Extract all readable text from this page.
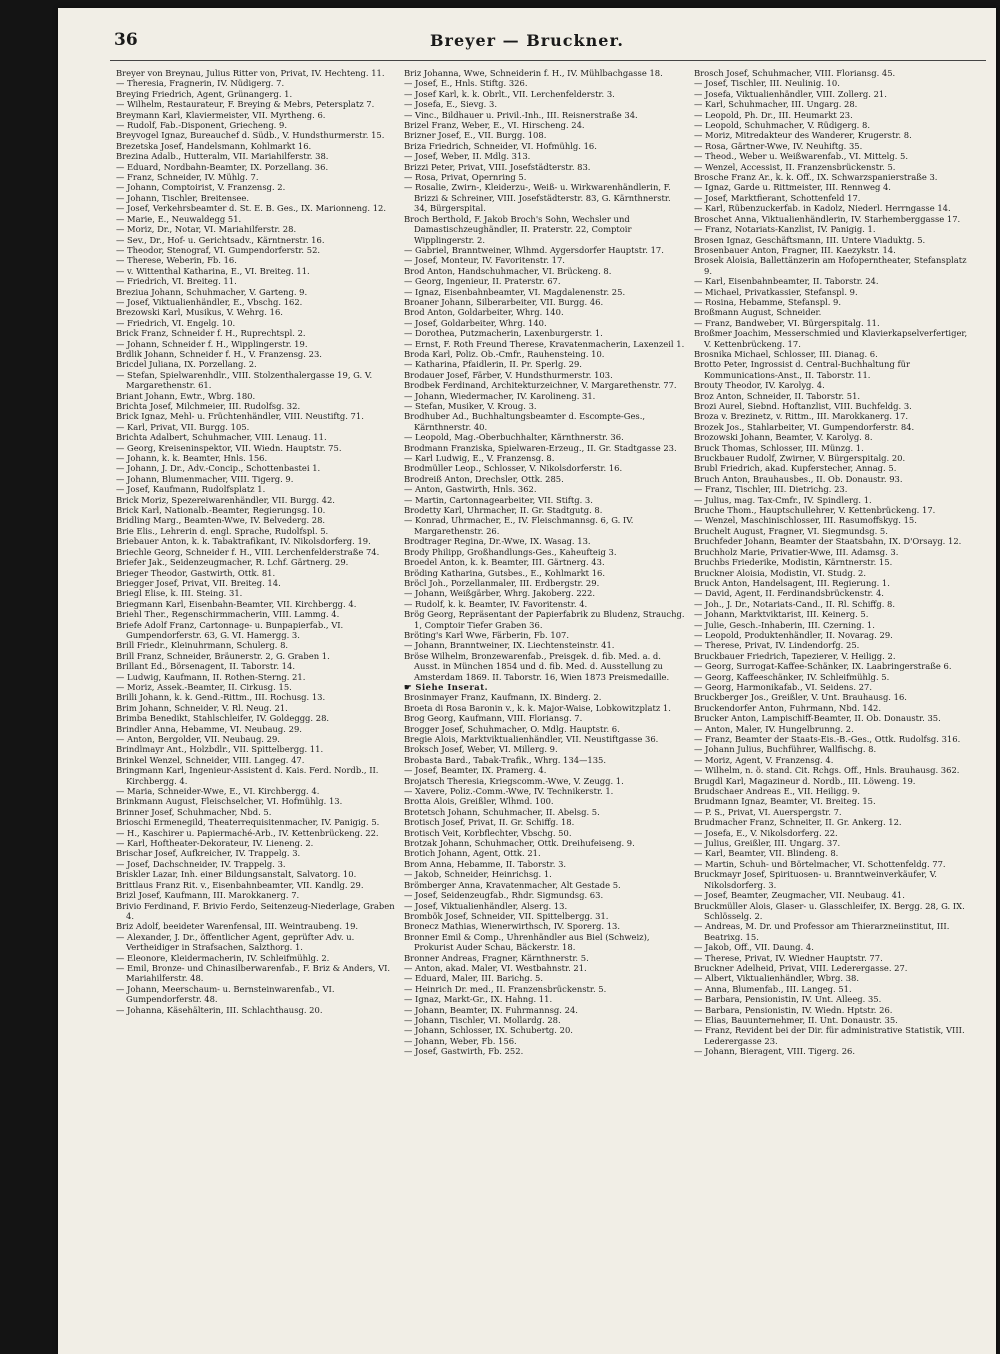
36	Breyer — Bruckner.

Breyer von Breynau, Julius Ritter von, Privat, IV. Hechteng. 11.

— Theresia, Fragnerin, IV. Nüdigerg. 7.

Breying Friedrich, Agent, Grünangerg. 1.

— Wilhelm, Restaurateur, F. Breying & Mebrs, Petersplatz 7.

Breymann Karl, Klaviermeister, VII. Myrtheng. 6.

— Rudolf, Fab.-Disponent, Griecheng. 9.

Breyvogel Ignaz, Bureauchef d. Südb., V. Hundsthurmerstr. 15.

Brezetska Josef, Handelsmann, Kohlmarkt 16.

Brezina Adalb., Hutteralm, VII. Mariahilferstr. 38.

— Eduard, Nordbahn-Beamter, IX. Porzellang. 36.

— Franz, Schneider, IV. Mühlg. 7.

— Johann, Comptoirist, V. Franzensg. 2.

— Johann, Tischler, Breitensee.

— Josef, Verkehrsbeamter d. St. E. B. Ges., IX. Marionneng. 12.

— Marie, E., Neuwaldegg 51.

— Moriz, Dr., Notar, VI. Mariahilferstr. 28.

— Sev., Dr., Hof- u. Gerichtsadv., Kärntnerstr. 16.

— Theodor, Stenograf, VI. Gumpendorferstr. 52.

— Therese, Weberin, Fb. 16.

— v. Wittenthal Katharina, E., VI. Breiteg. 11.

— Friedrich, VI. Breiteg. 11.

Breziua Johann, Schuhmacher, V. Garteng. 9.

— Josef, Viktualienhändler, E., Vbschg. 162.

Brezowski Karl, Musikus, V. Wehrg. 16.

— Friedrich, VI. Engelg. 10.

Brick Franz, Schneider f. H., Ruprechtspl. 2.

— Johann, Schneider f. H., Wipplingerstr. 19.

Brdlik Johann, Schneider f. H., V. Franzensg. 23.

Bricdel Juliana, IX. Porzellang. 2.

— Stefan, Spielwarenhdlr., VIII. Stolzenthalergasse 19, G. V. Margarethenstr. 61.

Briant Johann, Ewtr., Wbrg. 180.

Brichta Josef, Milchmeier, III. Rudolfsg. 32.

Brick Ignaz, Mehl- u. Früchtenhändler, VIII. Neustiftg. 71.

— Karl, Privat, VII. Burgg. 105.

Brichta Adalbert, Schuhmacher, VIII. Lenaug. 11.

— Georg, Kreiseninspektor, VII. Wiedn. Hauptstr. 75.

— Johann, k. k. Beamter, Hnls. 156.

— Johann, J. Dr., Adv.-Concip., Schottenbastei 1.

— Johann, Blumenmacher, VIII. Tigerg. 9.

— Josef, Kaufmann, Rudolfsplatz 1.

Brick Moriz, Spezereiwarenhändler, VII. Burgg. 42.

Brick Karl, Nationalb.-Beamter, Regierungsg. 10.

Bridling Marg., Beamten-Wwe, IV. Belvederg. 28.

Brie Elis., Lehrerin d. engl. Sprache, Rudolfspl. 5.

Briebauer Anton, k. k. Tabaktrafikant, IV. Nikolsdorferg. 19.

Briechle Georg, Schneider f. H., VIII. Lerchenfelderstraße 74.

Briefer Jak., Seidenzeugmacher, R. Lchf. Gärtnerg. 29.

Brieger Theodor, Gastwirth, Ottk. 81.

Briegger Josef, Privat, VII. Breiteg. 14.

Briegl Elise, k. III. Steing. 31.

Briegmann Karl, Eisenbahn-Beamter, VII. Kirchbergg. 4.

Briehl Ther., Regenschirmmacherin, VIII. Lammg. 4.

Briefe Adolf Franz, Cartonnage- u. Bunpapierfab., VI. Gumpendorferstr. 63, G. VI. Hamergg. 3.

Brill Friedr., Kleinuhrmann, Schulerg. 8.

Brill Franz, Schneider, Bräunerstr. 2, G. Graben 1.

Brillant Ed., Börsenagent, II. Taborstr. 14.

— Ludwig, Kaufmann, II. Rothen-Sterng. 21.

— Moriz, Assek.-Beamter, II. Cirkusg. 15.

Brilli Johann, k. k. Gend.-Rittm., III. Rochusg. 13.

Brim Johann, Schneider, V. Rl. Neug. 21.

Brimba Benedikt, Stahlschleifer, IV. Goldeggg. 28.

Brindler Anna, Hebamme, VI. Neubaug. 29.

— Anton, Bergolder, VII. Neubaug. 29.

Brindlmayr Ant., Holzbdlr., VII. Spittelbergg. 11.

Brinkel Wenzel, Schneider, VIII. Langeg. 47.

Bringmann Karl, Ingenieur-Assistent d. Kais. Ferd. Nordb., II. Kirchbergg. 4.

— Maria, Schneider-Wwe, E., VI. Kirchbergg. 4.

Brinkmann August, Fleischselcher, VI. Hofmühlg. 13.

Brinner Josef, Schuhmacher, Nbd. 5.

Brioschi Ermenegild, Theaterrequisitenmacher, IV. Panigig. 5.

— H., Kaschirer u. Papiermaché-Arb., IV. Kettenbrückeng. 22.

— Karl, Hoftheater-Dekorateur, IV. Lieneng. 2.

Brischar Josef, Aufkreicher, IV. Trappelg. 3.

— Josef, Dachschneider, IV. Trappelg. 3.

Briskler Lazar, Inh. einer Bildungsanstalt, Salvatorg. 10.

Brittlaus Franz Rit. v., Eisenbahnbeamter, VII. Kandlg. 29.

Brizl Josef, Kaufmann, III. Marokkanerg. 7.

Brivio Ferdinand, F. Brivio Ferdo, Seitenzeug-Niederlage, Graben 4.

Briz Adolf, beeideter Warenfensal, III. Weintraubeng. 19.

— Alexander, J. Dr., öffentlicher Agent, geprüfter Adv. u. Vertheidiger in Strafsachen, Salzthorg. 1.

— Eleonore, Kleidermacherin, IV. Schleifmühlg. 2.

— Emil, Bronze- und Chinasilberwarenfab., F. Briz & Anders, VI. Mariahilferstr. 48.

— Johann, Meerschaum- u. Bernsteinwarenfab., VI. Gumpendorferstr. 48.

— Johanna, Käsehälterin, III. Schlachthausg. 20.

Briz Johanna, Wwe, Schneiderin f. H., IV. Mühlbachgasse 18.

— Josef, E., Hnls. Stiftg. 326.

— Josef Karl, k. k. Obrlt., VII. Lerchenfelderstr. 3.

— Josefa, E., Sievg. 3.

— Vinc., Bildhauer u. Privil.-Inh., III. Reisnerstraße 34.

Brizel Franz, Weber, E., VI. Hirscheng. 24.

Brizner Josef, E., VII. Burgg. 108.

Briza Friedrich, Schneider, VI. Hofmühlg. 16.

— Josef, Weber, II. Mdlg. 313.

Brizzi Peter, Privat, VIII. Josefstädterstr. 83.

— Rosa, Privat, Opernring 5.

— Rosalie, Zwirn-, Kleiderzu-, Weiß- u. Wirkwarenhändlerin, F. Brizzi & Schreiner, VIII. Josefstädterstr. 83, G. Kärnthnerstr. 34, Bürgerspital.

Broch Berthold, F. Jakob Broch's Sohn, Wechsler und Damastischzeughändler, II. Praterstr. 22, Comptoir Wipplingerstr. 2.

— Gabriel, Branntweiner, Wlhmd. Aygersdorfer Hauptstr. 17.

— Josef, Monteur, IV. Favoritenstr. 17.

Brod Anton, Handschuhmacher, VI. Brückeng. 8.

— Georg, Ingenieur, II. Praterstr. 67.

— Ignaz, Eisenbahnbeamter, VI. Magdalenenstr. 25.

Broaner Johann, Silberarbeiter, VII. Burgg. 46.

Brod Anton, Goldarbeiter, Whrg. 140.

— Josef, Goldarbeiter, Whrg. 140.

— Dorothea, Putzmacherin, Laxenburgerstr. 1.

— Ernst, F. Roth Freund Therese, Kravatenmacherin, Laxenzeil 1.

Broda Karl, Poliz. Ob.-Cmfr., Rauhensteing. 10.

— Katharina, Pfaidlerin, II. Pr. Sperlg. 29.

Brodauer Josef, Färber, V. Hundsthurmerstr. 103.

Brodbek Ferdinand, Architekturzeichner, V. Margarethenstr. 77.

— Johann, Wiedermacher, IV. Karolineng. 31.

— Stefan, Musiker, V. Kroug. 3.

Brodhuber Ad., Buchhaltungsbeamter d. Escompte-Ges., Kärnthnerstr. 40.

— Leopold, Mag.-Oberbuchhalter, Kärnthnerstr. 36.

Brodmann Franziska, Spielwaren-Erzeug., II. Gr. Stadtgasse 23.

— Karl Ludwig, E., V. Franzensg. 8.

Brodmüller Leop., Schlosser, V. Nikolsdorferstr. 16.

Brodreiß Anton, Drechsler, Ottk. 285.

— Anton, Gastwirth, Hnls. 362.

— Martin, Cartonnagearbeiter, VII. Stiftg. 3.

Brodetty Karl, Uhrmacher, II. Gr. Stadtgutg. 8.

— Konrad, Uhrmacher, E., IV. Fleischmannsg. 6, G. IV. Margarethenstr. 26.

Brodtrager Regina, Dr.-Wwe, IX. Wasag. 13.

Brody Philipp, Großhandlungs-Ges., Kaheufteig 3.

Broedel Anton, k. k. Beamter, III. Gärtnerg. 43.

Bröding Katharina, Gutsbes., E., Kohlmarkt 16.

Bröcl Joh., Porzellanmaler, III. Erdbergstr. 29.

— Johann, Weißgärber, Whrg. Jakoberg. 222.

— Rudolf, k. k. Beamter, IV. Favoritenstr. 4.

Brög Georg, Repräsentant der Papierfabrik zu Bludenz, Strauchg. 1, Comptoir Tiefer Graben 36.

Bröting's Karl Wwe, Färberin, Fb. 107.

— Johann, Branntweiner, IX. Liechtensteinstr. 41.

Bröse Wilhelm, Bronzewarenfab., Preisgek. d. fib. Med. a. d. Ausst. in München 1854 und d. fib. Med. d. Ausstellung zu Amsterdam 1869. II. Taborstr. 16, Wien 1873 Preismedaille.

☛ Siehe Inserat.

Brosinmayer Franz, Kaufmann, IX. Binderg. 2.

Broeta di Rosa Baronin v., k. k. Major-Waise, Lobkowitzplatz 1.

Brog Georg, Kaufmann, VIII. Floriansg. 7.

Brogger Josef, Schuhmacher, O. Mdlg. Hauptstr. 6.

Bregie Alois, Marktviktualienhändler, VII. Neustiftgasse 36.

Broksch Josef, Weber, VI. Millerg. 9.

Brobasta Bard., Tabak-Trafik., Whrg. 134—135.

— Josef, Beamter, IX. Pramerg. 4.

Brojatsch Theresia, Kriegscomm.-Wwe, V. Zeugg. 1.

— Xavere, Poliz.-Comm.-Wwe, IV. Technikerstr. 1.

Brotta Alois, Greißler, Wlhmd. 100.

Brotetsch Johann, Schuhmacher, II. Abelsg. 5.

Brotisch Josef, Privat, II. Gr. Schiffg. 18.

Brotisch Veit, Korbflechter, Vbschg. 50.

Brotzak Johann, Schuhmacher, Ottk. Dreihufeiseng. 9.

Brotich Johann, Agent, Ottk. 21.

Brom Anna, Hebamme, II. Taborstr. 3.

— Jakob, Schneider, Heinrichsg. 1.

Brömberger Anna, Kravatenmacher, Alt Gestade 5.

— Josef, Seidenzeugfab., Rhdr. Sigmundsg. 63.

— Josef, Viktualienhändler, Alserg. 13.

Brombök Josef, Schneider, VII. Spittelbergg. 31.

Bronecz Mathias, Wienerwirthsch, IV. Sporerg. 13.

Bronner Emil & Comp., Uhrenhändler aus Biel (Schweiz), Prokurist Auder Schau, Bäckerstr. 18.

Bronner Andreas, Fragner, Kärnthnerstr. 5.

— Anton, akad. Maler, VI. Westbahnstr. 21.

— Eduard, Maler, III. Barichg. 5.

— Heinrich Dr. med., II. Franzensbrückenstr. 5.

— Ignaz, Markt-Gr., IX. Hahng. 11.

— Johann, Beamter, IX. Fuhrmannsg. 24.

— Johann, Tischler, VI. Mollardg. 28.

— Johann, Schlosser, IX. Schubertg. 20.

— Johann, Weber, Fb. 156.

— Josef, Gastwirth, Fb. 252.

Brosch Josef, Schuhmacher, VIII. Floriansg. 45.

— Josef, Tischler, III. Neulinig. 10.

— Josefa, Viktualienhändler, VIII. Zollerg. 21.

— Karl, Schuhmacher, III. Ungarg. 28.

— Leopold, Ph. Dr., III. Heumarkt 23.

— Leopold, Schuhmacher, V. Rüdigerg. 8.

— Moriz, Mitredakteur des Wanderer, Krugerstr. 8.

— Rosa, Gärtner-Wwe, IV. Neuhiftg. 35.

— Theod., Weber u. Weißwarenfab., VI. Mittelg. 5.

— Wenzel, Accessist, II. Franzensbrückenstr. 5.

Brosche Franz Ar., k. k. Off., IX. Schwarzspanierstraße 3.

— Ignaz, Garde u. Rittmeister, III. Rennweg 4.

— Josef, Marktfierant, Schottenfeld 17.

— Karl, Rübenzuckerfab. in Kadolz, Niederl. Herrngasse 14.

Broschet Anna, Viktualienhändlerin, IV. Starhemberggasse 17.

— Franz, Notariats-Kanzlist, IV. Panigig. 1.

Brosen Ignaz, Geschäftsmann, III. Untere Viaduktg. 5.

Brosenbauer Anton, Fragner, III. Kaezykstr. 14.

Brosek Aloisia, Ballettänzerin am Hofoperntheater, Stefansplatz 9.

— Karl, Eisenbahnbeamter, II. Taborstr. 24.

— Michael, Privatkassier, Stefanspl. 9.

— Rosina, Hebamme, Stefanspl. 9.

Broßmann August, Schneider.

— Franz, Bandweber, VI. Bürgerspitalg. 11.

Broßmer Joachim, Messerschmied und Klavierkapselverfertiger, V. Kettenbrückeng. 17.

Brosnika Michael, Schlosser, III. Dianag. 6.

Brotto Peter, Ingrossist d. Central-Buchhaltung für Kommunications-Anst., II. Taborstr. 11.

Brouty Theodor, IV. Karolyg. 4.

Broz Anton, Schneider, II. Taborstr. 51.

Brozi Aurel, Siebnd. Hoftanzlist, VIII. Buchfeldg. 3.

Broza v. Brezinetz, v. Rittm., III. Marokkanerg. 17.

Brozek Jos., Stahlarbeiter, VI. Gumpendorferstr. 84.

Brozowski Johann, Beamter, V. Karolyg. 8.

Bruck Thomas, Schlosser, III. Münzg. 1.

Bruckbauer Rudolf, Zwirner, V. Bürgerspitalg. 20.

Brubl Friedrich, akad. Kupferstecher, Annag. 5.

Bruch Anton, Brauhausbes., II. Ob. Donaustr. 93.

— Franz, Tischler, III. Dietrichg. 23.

— Julius, mag. Tax-Cmfr., IV. Spindlerg. 1.

Bruche Thom., Hauptschullehrer, V. Kettenbrückeng. 17.

— Wenzel, Maschinischlosser, III. Rasumoffskyg. 15.

Bruchelt August, Fragner, VI. Siegmundsg. 5.

Bruchfeder Johann, Beamter der Staatsbahn, IX. D'Orsayg. 12.

Bruchholz Marie, Privatier-Wwe, III. Adamsg. 3.

Bruchbs Friederike, Modistin, Kärntnerstr. 15.

Bruckner Aloisia, Modistin, VI. Studg. 2.

Bruck Anton, Handelsagent, III. Regierung. 1.

— David, Agent, II. Ferdinandsbrückenstr. 4.

— Joh., J. Dr., Notariats-Cand., II. Rl. Schiffg. 8.

— Johann, Marktviktarist, III. Keinerg. 5.

— Julie, Gesch.-Inhaberin, III. Czerning. 1.

— Leopold, Produktenhändler, II. Novarag. 29.

— Therese, Privat, IV. Lindendorfg. 25.

Bruckbauer Friedrich, Tapezierer, V. Heiligg. 2.

— Georg, Surrogat-Kaffee-Schänker, IX. Laabringerstraße 6.

— Georg, Kaffeeschänker, IV. Schleifmühlg. 5.

— Georg, Harmonikafab., VI. Seidens. 27.

Bruckberger Jos., Greißler, V. Unt. Brauhausg. 16.

Bruckendorfer Anton, Fuhrmann, Nbd. 142.

Brucker Anton, Lampischiff-Beamter, II. Ob. Donaustr. 35.

— Anton, Maler, IV. Hungelbrunng. 2.

— Franz, Beamter der Staats-Eis.-B.-Ges., Ottk. Rudolfsg. 316.

— Johann Julius, Buchführer, Wallfischg. 8.

— Moriz, Agent, V. Franzensg. 4.

— Wilhelm, n. ö. stand. Cit. Rchgs. Off., Hnls. Brauhausg. 362.

Brugdl Karl, Magazineur d. Nordb., III. Löweng. 19.

Brudschaer Andreas E., VII. Heiligg. 9.

Brudmann Ignaz, Beamter, VI. Breiteg. 15.

— P. S., Privat, VI. Auerspergstr. 7.

Brudmacher Franz, Schneiter, II. Gr. Ankerg. 12.

— Josefa, E., V. Nikolsdorferg. 22.

— Julius, Greißler, III. Ungarg. 37.

— Karl, Beamter, VII. Blindeng. 8.

— Martin, Schuh- und Börtelmacher, VI. Schottenfeldg. 77.

Bruckmayr Josef, Spirituosen- u. Branntweinverkäufer, V. Nikolsdorferg. 3.

— Josef, Beamter, Zeugmacher, VII. Neubaug. 41.

Bruckmüller Alois, Glaser- u. Glasschleifer, IX. Bergg. 28, G. IX. Schlösselg. 2.

— Andreas, M. Dr. und Professor am Thierarzneiinstitut, III. Beatrixg. 15.

— Jakob, Off., VII. Daung. 4.

— Therese, Privat, IV. Wiedner Hauptstr. 77.

Bruckner Adelheid, Privat, VIII. Lederergasse. 27.

— Albert, Viktualienhändler, Wbrg. 38.

— Anna, Blumenfab., III. Langeg. 51.

— Barbara, Pensionistin, IV. Unt. Alleeg. 35.

— Barbara, Pensionistin, IV. Wiedn. Hptstr. 26.

— Elias, Bauunternehmer, II. Unt. Donaustr. 35.

— Franz, Revident bei der Dir. für administrative Statistik, VIII. Lederergasse 23.

— Johann, Bieragent, VIII. Tigerg. 26.
